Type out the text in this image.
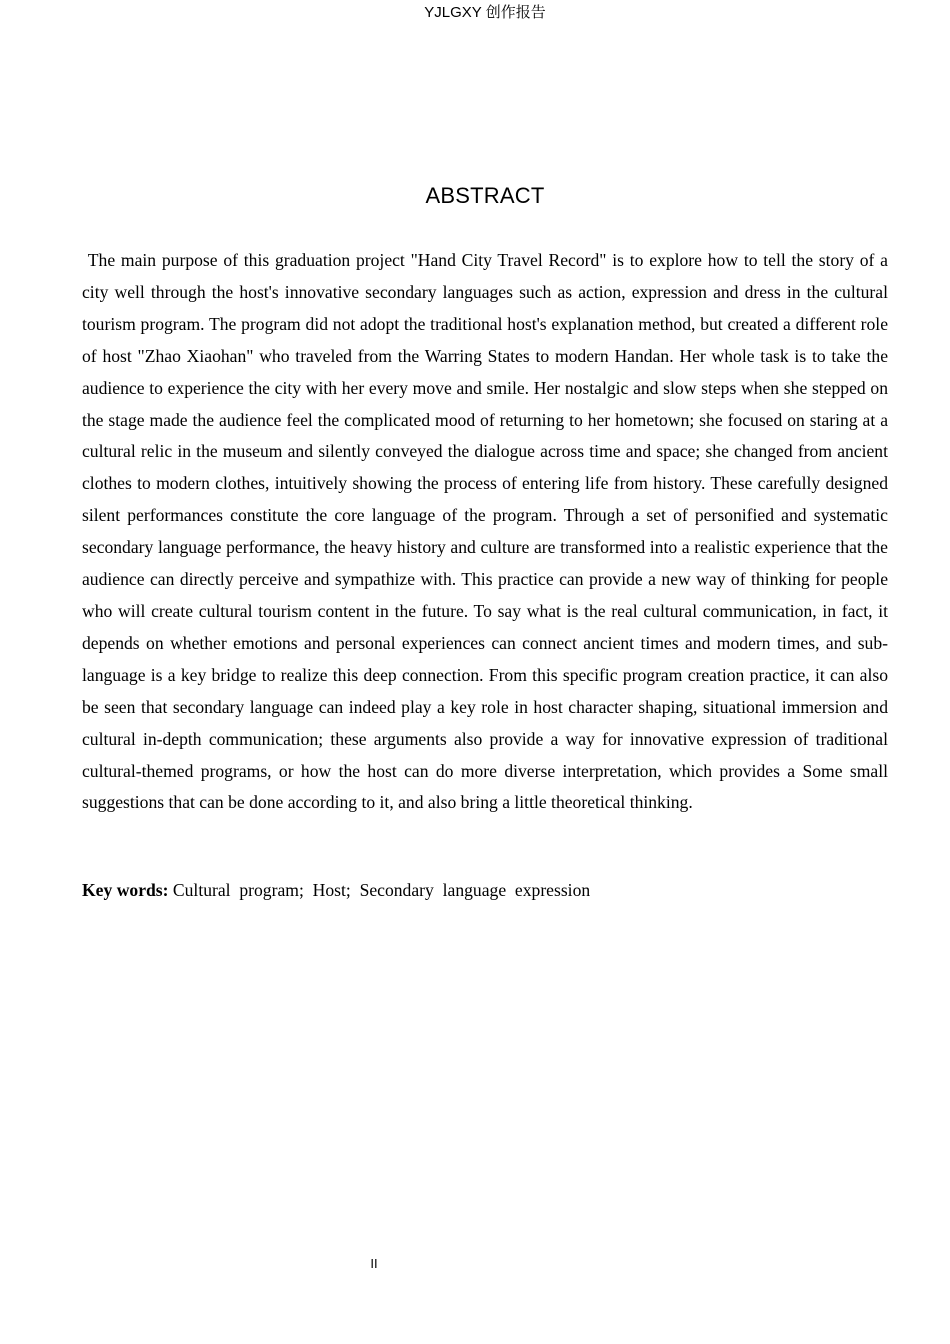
YJLGXY 创作报告
ABSTRACT

The main purpose of this graduation project "Hand City Travel Record" is to explore how to tell the story of a city well through the host's innovative secondary languages such as action, expression and dress in the cultural tourism program. The program did not adopt the traditional host's explanation method, but created a different role of host "Zhao Xiaohan" who traveled from the Warring States to modern Handan. Her whole task is to take the audience to experience the city with her every move and smile. Her nostalgic and slow steps when she stepped on the stage made the audience feel the complicated mood of returning to her hometown; she focused on staring at a cultural relic in the museum and silently conveyed the dialogue across time and space; she changed from ancient clothes to modern clothes, intuitively showing the process of entering life from history. These carefully designed silent performances constitute the core language of the program. Through a set of personified and systematic secondary language performance, the heavy history and culture are transformed into a realistic experience that the audience can directly perceive and sympathize with. This practice can provide a new way of thinking for people who will create cultural tourism content in the future. To say what is the real cultural communication, in fact, it depends on whether emotions and personal experiences can connect ancient times and modern times, and sub-language is a key bridge to realize this deep connection. From this specific program creation practice, it can also be seen that secondary language can indeed play a key role in host character shaping, situational immersion and cultural in-depth communication; these arguments also provide a way for innovative expression of traditional cultural-themed programs, or how the host can do more diverse interpretation, which provides a Some small suggestions that can be done according to it, and also bring a little theoretical thinking.

Key words: Cultural  program;  Host;  Secondary  language  expression
II
